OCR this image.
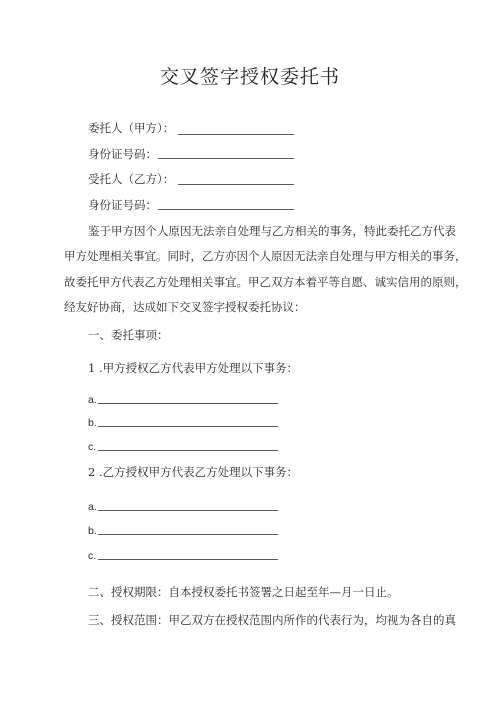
交叉签字授权委托书
委托人（甲方）：
身份证号码：
受托人（乙方）：
身份证号码：
鉴于甲方因个人原因无法亲自处理与乙方相关的事务，特此委托乙方代表
甲方处理相关事宜。同时，乙方亦因个人原因无法亲自处理与甲方相关的事务，
故委托甲方代表乙方处理相关事宜。甲乙双方本着平等自愿、诚实信用的原则，
经友好协商，达成如下交叉签字授权委托协议：
一、委托事项：
1 .甲方授权乙方代表甲方处理以下事务：
a.
b.
c.
2 .乙方授权甲方代表乙方处理以下事务：
a.
b.
c.
二、授权期限：自本授权委托书签署之日起至年—月一日止。
三、授权范围：甲乙双方在授权范围内所作的代表行为，均视为各自的真
